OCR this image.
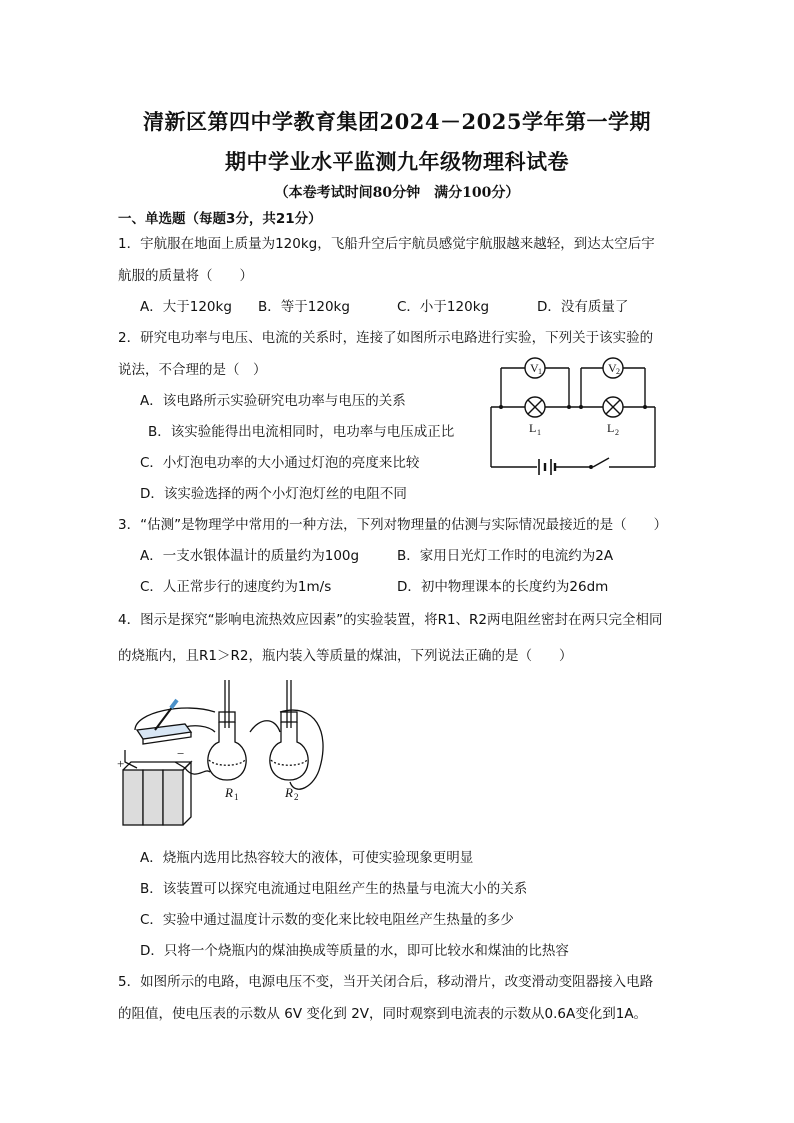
清新区第四中学教育集团2024－2025学年第一学期
期中学业水平监测九年级物理科试卷
（本卷考试时间80分钟　满分100分）
一、单选题（每题3分，共21分）
1．宇航服在地面上质量为120kg，飞船升空后宇航员感觉宇航服越来越轻，到达太空后宇
航服的质量将（　　）
A．大于120kg B．等于120kg	C．小于120kg	D．没有质量了
2．研究电功率与电压、电流的关系时，连接了如图所示电路进行实验，下列关于该实验的
说法，不合理的是（　）
A．该电路所示实验研究电功率与电压的关系
B．该实验能得出电流相同时，电功率与电压成正比
C．小灯泡电功率的大小通过灯泡的亮度来比较
D．该实验选择的两个小灯泡灯丝的电阻不同
V 1	V 2
L 1	L 2
3．“估测”是物理学中常用的一种方法，下列对物理量的估测与实际情况最接近的是（　　）
A．一支水银体温计的质量约为100g	B．家用日光灯工作时的电流约为2A
C．人正常步行的速度约为1m/s	D．初中物理课本的长度约为26dm
4．图示是探究“影响电流热效应因素”的实验装置，将R1、R2两电阻丝密封在两只完全相同
的烧瓶内，且R1＞R2，瓶内装入等质量的煤油，下列说法正确的是（　　）
R 1	R 2
+
−
A．烧瓶内选用比热容较大的液体，可使实验现象更明显
B．该装置可以探究电流通过电阻丝产生的热量与电流大小的关系
C．实验中通过温度计示数的变化来比较电阻丝产生热量的多少
D．只将一个烧瓶内的煤油换成等质量的水，即可比较水和煤油的比热容
5．如图所示的电路，电源电压不变，当开关闭合后，移动滑片，改变滑动变阻器接入电路
的阻值，使电压表的示数从 6V 变化到 2V，同时观察到电流表的示数从0.6A变化到1A。
